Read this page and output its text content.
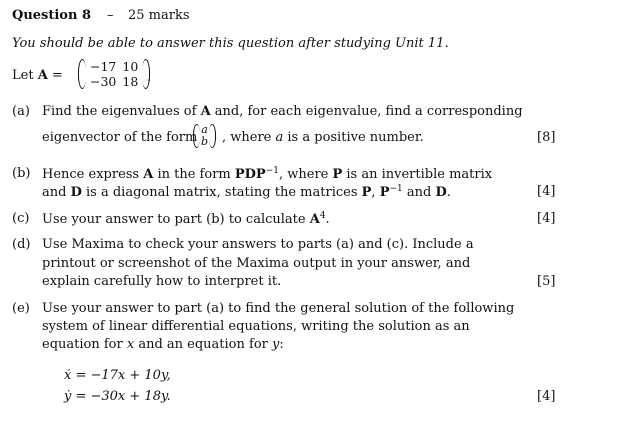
Question 8 – 25 marks
You should be able to answer this question after studying Unit 11.
Let A =
−17	10
−30	18 .
(a) Find the eigenvalues of A and, for each eigenvalue, find a corresponding
eigenvector of the form
a
b , where a is a positive number.	[8]
(b) Hence express A in the form $PDP^{-1}$, where P is an invertible matrix
and D is a diagonal matrix, stating the matrices P, $P^{-1}$ and D.	[4]
(c) Use your answer to part (b) to calculate $A^4$.	[4]
(d) Use Maxima to check your answers to parts (a) and (c). Include a
printout or screenshot of the Maxima output in your answer, and
explain carefully how to interpret it.	[5]
(e) Use your answer to part (a) to find the general solution of the following
system of linear differential equations, writing the solution as an
equation for x and an equation for y:
ẋ = −17x + 10y,
ẏ = −30x + 18y.	[4]
